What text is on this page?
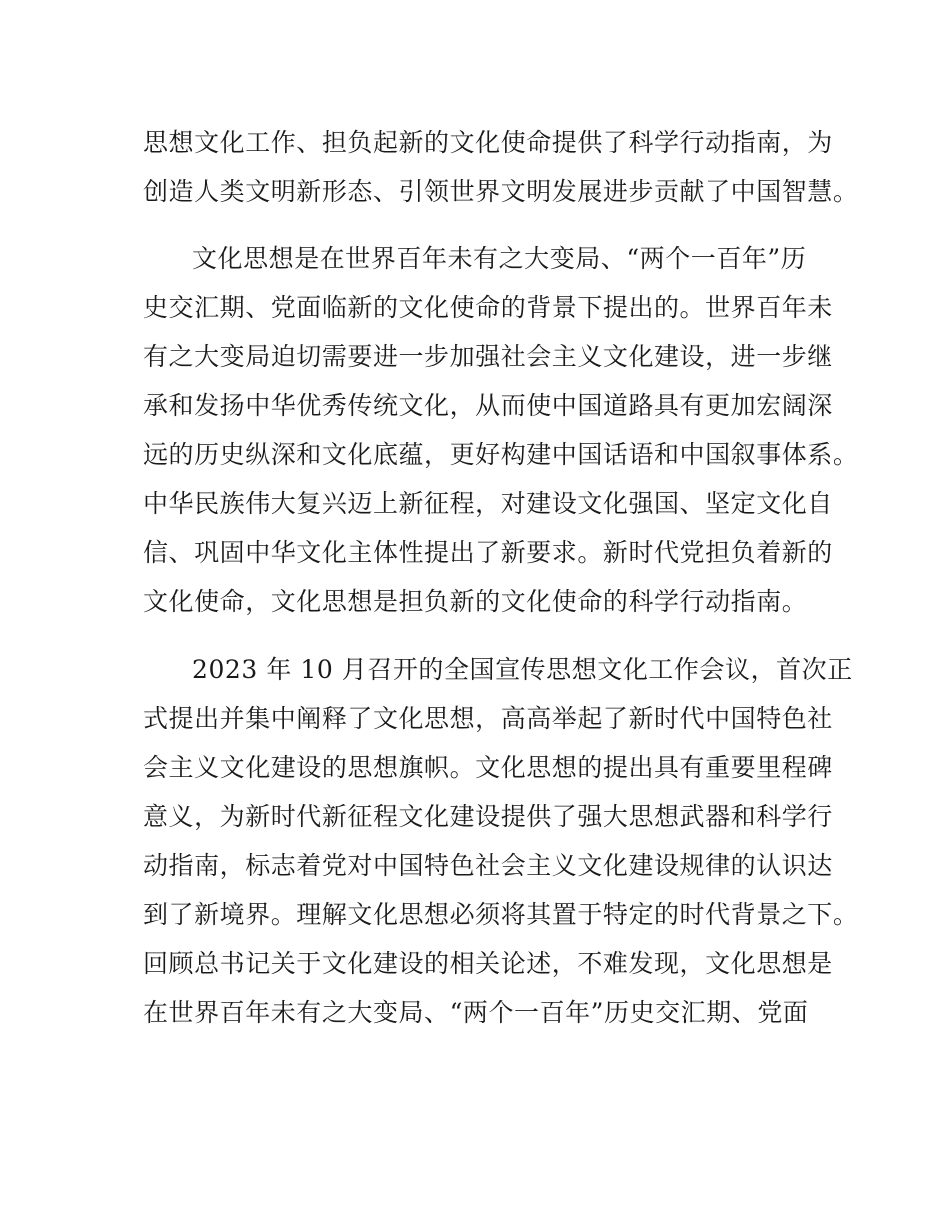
思想文化工作、担负起新的文化使命提供了科学行动指南，为
创造人类文明新形态、引领世界文明发展进步贡献了中国智慧。
文化思想是在世界百年未有之大变局、“两个一百年”历
史交汇期、党面临新的文化使命的背景下提出的。世界百年未
有之大变局迫切需要进一步加强社会主义文化建设，进一步继
承和发扬中华优秀传统文化，从而使中国道路具有更加宏阔深
远的历史纵深和文化底蕴，更好构建中国话语和中国叙事体系。
中华民族伟大复兴迈上新征程，对建设文化强国、坚定文化自
信、巩固中华文化主体性提出了新要求。新时代党担负着新的
文化使命，文化思想是担负新的文化使命的科学行动指南。
2023 年 10 月召开的全国宣传思想文化工作会议，首次正
式提出并集中阐释了文化思想，高高举起了新时代中国特色社
会主义文化建设的思想旗帜。文化思想的提出具有重要里程碑
意义，为新时代新征程文化建设提供了强大思想武器和科学行
动指南，标志着党对中国特色社会主义文化建设规律的认识达
到了新境界。理解文化思想必须将其置于特定的时代背景之下。
回顾总书记关于文化建设的相关论述，不难发现，文化思想是
在世界百年未有之大变局、“两个一百年”历史交汇期、党面
